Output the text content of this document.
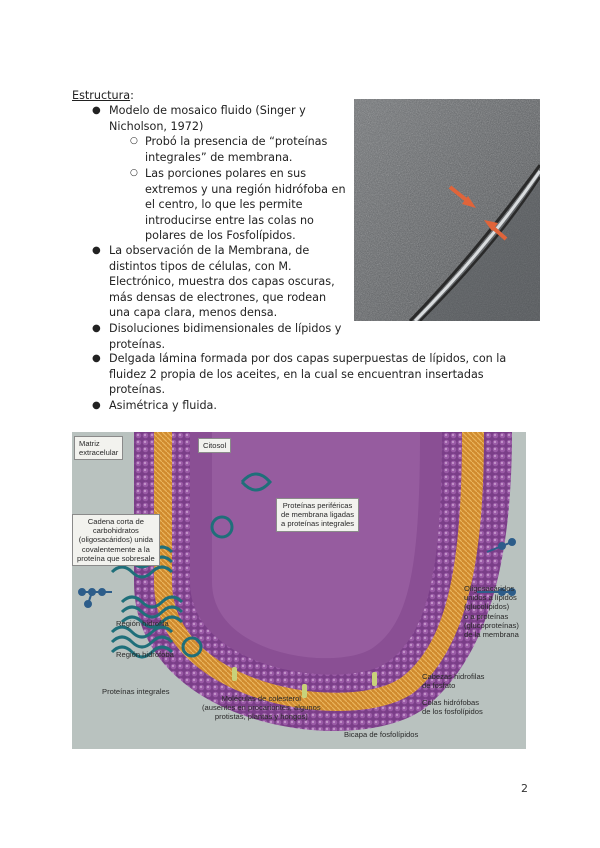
Estructura:
● Modelo de mosaico fluido (Singer y
Nicholson, 1972)
○ Probó la presencia de “proteínas
integrales” de membrana.
○ Las porciones polares en sus
extremos y una región hidrófoba en
el centro, lo que les permite
introducirse entre las colas no
polares de los Fosfolípidos.
● La observación de la Membrana, de
distintos tipos de células, con M.
Electrónico, muestra dos capas oscuras,
más densas de electrones, que rodean
una capa clara, menos densa.
● Disoluciones bidimensionales de lípidos y
proteínas.
● Delgada lámina formada por dos capas superpuestas de lípidos, con la
fluidez 2 propia de los aceites, en la cual se encuentran insertadas
proteínas.
● Asimétrica y fluida.
Matriz
extracelular
Citosol
Proteínas periféricas
de membrana ligadas
a proteínas integrales
Cadena corta de
carbohidratos
(oligosacáridos) unida
covalentemente a la
proteína que sobresale
Región hidrofila
Región hidrófoba
Proteínas integrales
Moléculas de colesterol
(ausentes en procariontes, algunos
protistas, plantas y hongos)
Bicapa de fosfolípidos
Cabezas hidrofilas
de fosfato
Colas hidrófobas
de los fosfolípidos
Oligosacáridos
unidos a lípidos
(glucolípidos)
o a proteínas
(glucoproteínas)
de la membrana
2
